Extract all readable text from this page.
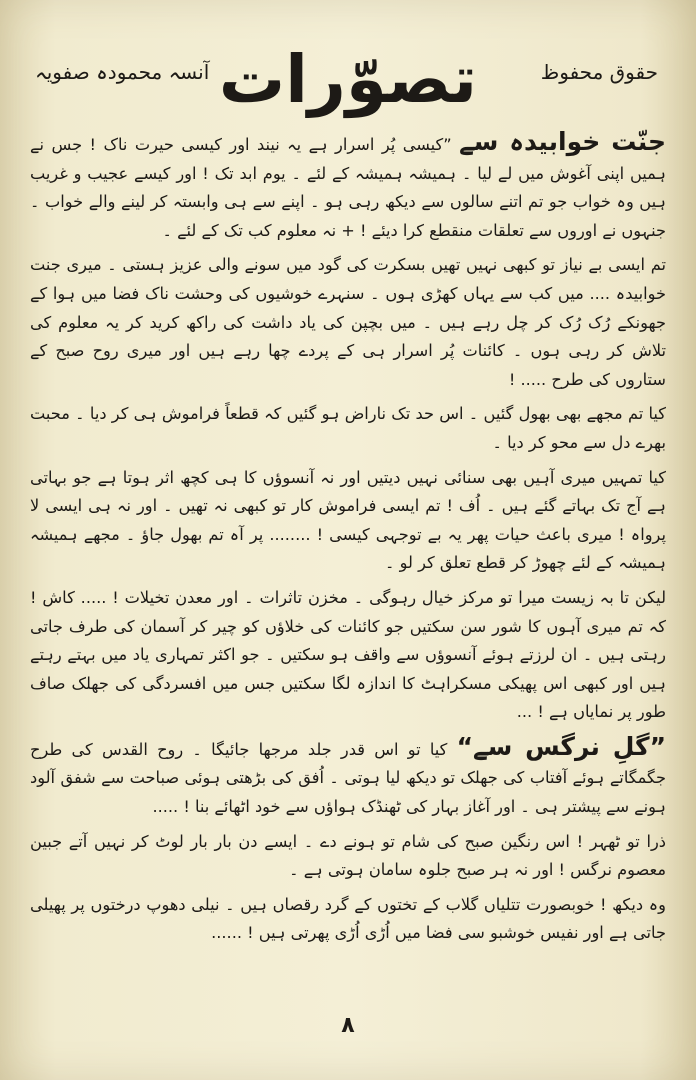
آنسہ محمودہ صفویہ تصوّرات	حقوق محفوظ

جنّت خوابیدہ سے ”کیسی پُر اسرار ہے یہ نیند اور کیسی حیرت ناک ! جس نے ہمیں اپنی آغوش میں لے لیا ۔ ہمیشہ ہمیشہ کے لئے ۔ یوم ابد تک ! اور کیسے عجیب و غریب ہیں وہ خواب جو تم اتنے سالوں سے دیکھ رہی ہو ۔ اپنے سے ہی وابستہ کر لینے والے خواب ۔ جنہوں نے اوروں سے تعلقات منقطع کرا دیئے ! + نہ معلوم کب تک کے لئے ۔

تم ایسی بے نیاز تو کبھی نہیں تھیں بسکرت کی گود میں سونے والی عزیز ہستی ۔ میری جنت خوابیدہ .... میں کب سے یہاں کھڑی ہوں ۔ سنہرے خوشیوں کی وحشت ناک فضا میں ہوا کے جھونکے رُک رُک کر چل رہے ہیں ۔ میں بچپن کی یاد داشت کی راکھ کرید کر یہ معلوم کی تلاش کر رہی ہوں ۔ کائنات پُر اسرار ہی کے پردے چھا رہے ہیں اور میری روح صبح کے ستاروں کی طرح ..... !

کیا تم مجھے بھی بھول گئیں ۔ اس حد تک ناراض ہو گئیں کہ قطعاً فراموش ہی کر دیا ۔ محبت بھرے دل سے محو کر دیا ۔

کیا تمہیں میری آہیں بھی سنائی نہیں دیتیں اور نہ آنسوؤں کا ہی کچھ اثر ہوتا ہے جو بہاتی ہے آج تک بہاتے گئے ہیں ۔ اُف ! تم ایسی فراموش کار تو کبھی نہ تھیں ۔ اور نہ ہی ایسی لا پرواہ ! میری باعث حیات پھر یہ بے توجہی کیسی ! ........ پر آہ تم بھول جاؤ ۔ مجھے ہمیشہ ہمیشہ کے لئے چھوڑ کر قطع تعلق کر لو ۔

لیکن تا بہ زیست میرا تو مرکز خیال رہوگی ۔ مخزن تاثرات ۔ اور معدن تخیلات ! ..... کاش ! کہ تم میری آہوں کا شور سن سکتیں جو کائنات کی خلاؤں کو چیر کر آسمان کی طرف جاتی رہتی ہیں ۔ ان لرزتے ہوئے آنسوؤں سے واقف ہو سکتیں ۔ جو اکثر تمہاری یاد میں بہتے رہتے ہیں اور کبھی اس پھیکی مسکراہٹ کا اندازہ لگا سکتیں جس میں افسردگی کی جھلک صاف طور پر نمایاں ہے ! ...

”گلِ نرگس سے“ کیا تو اس قدر جلد مرجھا جائیگا ۔ روح القدس کی طرح جگمگاتے ہوئے آفتاب کی جھلک تو دیکھ لیا ہوتی ۔ اُفق کی بڑھتی ہوئی صباحت سے شفق آلود ہونے سے پیشتر ہی ۔ اور آغاز بہار کی ٹھنڈک ہواؤں سے خود اٹھائے بنا ! .....

ذرا تو ٹھہر ! اس رنگین صبح کی شام تو ہونے دے ۔ ایسے دن بار بار لوٹ کر نہیں آتے جبین معصوم نرگس ! اور نہ ہر صبح جلوہ سامان ہوتی ہے ۔

وہ دیکھ ! خوبصورت تتلیاں گلاب کے تختوں کے گرد رقصاں ہیں ۔ نیلی دھوپ درختوں پر پھیلی جاتی ہے اور نفیس خوشبو سی فضا میں اُڑی اُڑی پھرتی ہیں ! ......

۸
